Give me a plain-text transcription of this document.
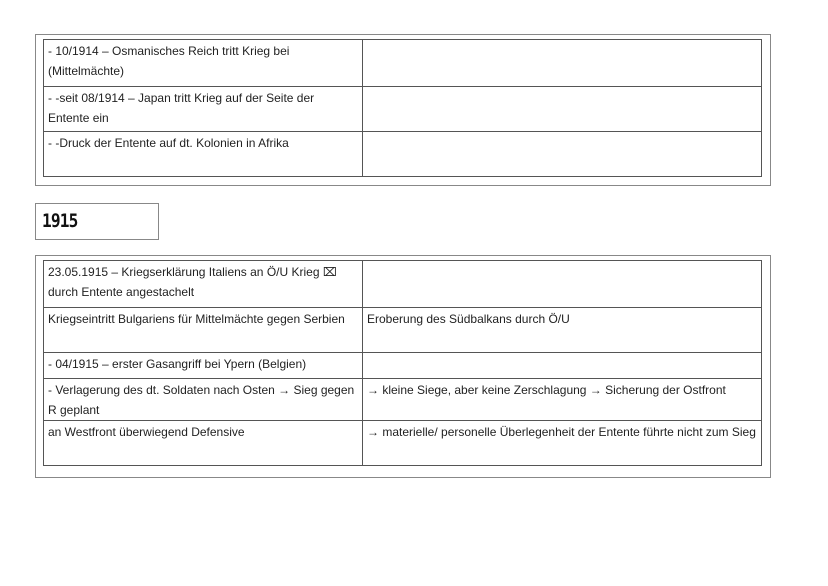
- 10/1914 – Osmanisches Reich tritt Krieg bei (Mittelmächte)	
- -seit 08/1914 – Japan tritt Krieg auf der Seite der Entente ein	
- -Druck der Entente auf dt. Kolonien in Afrika	
1915
23.05.1915 – Kriegserklärung Italiens an Ö/U Krieg ⌧ durch Entente angestachelt	
Kriegseintritt Bulgariens für Mittelmächte gegen Serbien	Eroberung des Südbalkans durch Ö/U
- 04/1915 – erster Gasangriff bei Ypern (Belgien)	
- Verlagerung des dt. Soldaten nach Osten → Sieg gegen R geplant	→ kleine Siege, aber keine Zerschlagung → Sicherung der Ostfront
an Westfront überwiegend Defensive	→ materielle/ personelle Überlegenheit der Entente führte nicht zum Sieg
